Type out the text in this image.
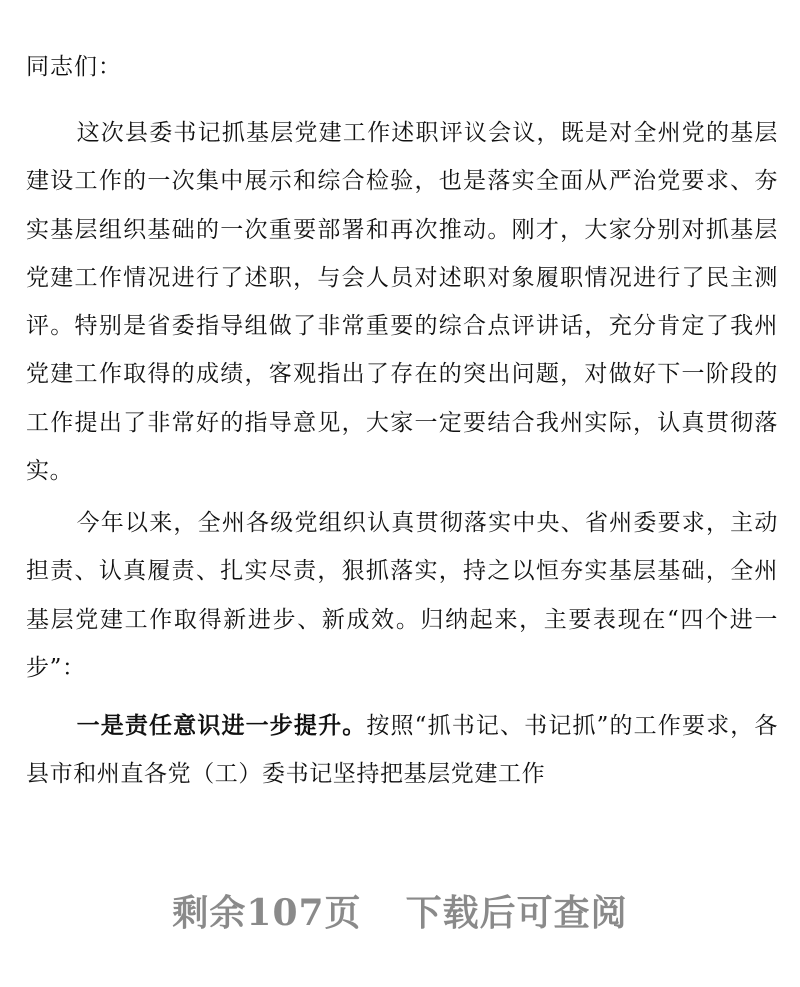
同志们：

这次县委书记抓基层党建工作述职评议会议，既是对全州党的基层建设工作的一次集中展示和综合检验，也是落实全面从严治党要求、夯实基层组织基础的一次重要部署和再次推动。刚才，大家分别对抓基层党建工作情况进行了述职，与会人员对述职对象履职情况进行了民主测评。特别是省委指导组做了非常重要的综合点评讲话，充分肯定了我州党建工作取得的成绩，客观指出了存在的突出问题，对做好下一阶段的工作提出了非常好的指导意见，大家一定要结合我州实际，认真贯彻落实。

今年以来，全州各级党组织认真贯彻落实中央、省州委要求，主动担责、认真履责、扎实尽责，狠抓落实，持之以恒夯实基层基础，全州基层党建工作取得新进步、新成效。归纳起来，主要表现在“四个进一步”：

一是责任意识进一步提升。按照“抓书记、书记抓”的工作要求，各县市和州直各党（工）委书记坚持把基层党建工作

剩余107页 下载后可查阅
